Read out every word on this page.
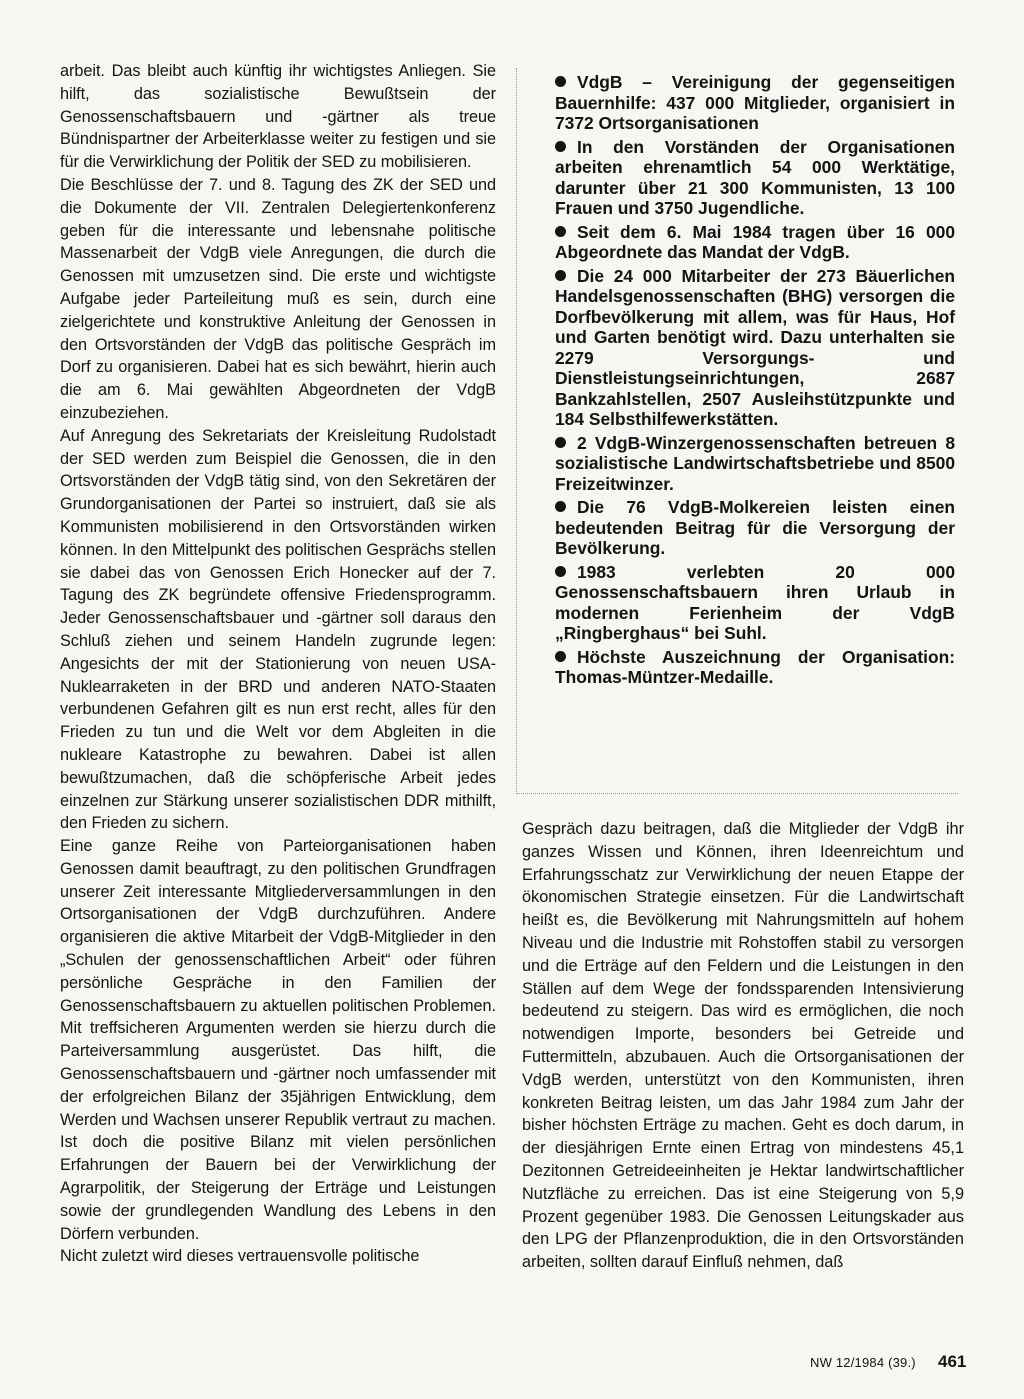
arbeit. Das bleibt auch künftig ihr wichtigstes Anliegen. Sie hilft, das sozialistische Bewußtsein der Genossenschaftsbauern und -gärtner als treue Bündnispartner der Arbeiterklasse weiter zu festigen und sie für die Verwirklichung der Politik der SED zu mobilisieren.

Die Beschlüsse der 7. und 8. Tagung des ZK der SED und die Dokumente der VII. Zentralen Delegiertenkonferenz geben für die interessante und lebensnahe politische Massenarbeit der VdgB viele Anregungen, die durch die Genossen mit umzusetzen sind. Die erste und wichtigste Aufgabe jeder Parteileitung muß es sein, durch eine zielgerichtete und konstruktive Anleitung der Genossen in den Ortsvorständen der VdgB das politische Gespräch im Dorf zu organisieren. Dabei hat es sich bewährt, hierin auch die am 6. Mai gewählten Abgeordneten der VdgB einzubeziehen.

Auf Anregung des Sekretariats der Kreisleitung Rudolstadt der SED werden zum Beispiel die Genossen, die in den Ortsvorständen der VdgB tätig sind, von den Sekretären der Grundorganisationen der Partei so instruiert, daß sie als Kommunisten mobilisierend in den Ortsvorständen wirken können. In den Mittelpunkt des politischen Gesprächs stellen sie dabei das von Genossen Erich Honecker auf der 7. Tagung des ZK begründete offensive Friedensprogramm. Jeder Genossenschaftsbauer und -gärtner soll daraus den Schluß ziehen und seinem Handeln zugrunde legen: Angesichts der mit der Stationierung von neuen USA-Nuklearraketen in der BRD und anderen NATO-Staaten verbundenen Gefahren gilt es nun erst recht, alles für den Frieden zu tun und die Welt vor dem Abgleiten in die nukleare Katastrophe zu bewahren. Dabei ist allen bewußtzumachen, daß die schöpferische Arbeit jedes einzelnen zur Stärkung unserer sozialistischen DDR mithilft, den Frieden zu sichern.

Eine ganze Reihe von Parteiorganisationen haben Genossen damit beauftragt, zu den politischen Grundfragen unserer Zeit interessante Mitgliederversammlungen in den Ortsorganisationen der VdgB durchzuführen. Andere organisieren die aktive Mitarbeit der VdgB-Mitglieder in den „Schulen der genossenschaftlichen Arbeit“ oder führen persönliche Gespräche in den Familien der Genossenschaftsbauern zu aktuellen politischen Problemen. Mit treffsicheren Argumenten werden sie hierzu durch die Parteiversammlung ausgerüstet. Das hilft, die Genossenschaftsbauern und -gärtner noch umfassender mit der erfolgreichen Bilanz der 35jährigen Entwicklung, dem Werden und Wachsen unserer Republik vertraut zu machen. Ist doch die positive Bilanz mit vielen persönlichen Erfahrungen der Bauern bei der Verwirklichung der Agrarpolitik, der Steigerung der Erträge und Leistungen sowie der grundlegenden Wandlung des Lebens in den Dörfern verbunden.

Nicht zuletzt wird dieses vertrauensvolle politische

VdgB – Vereinigung der gegenseitigen Bauernhilfe: 437 000 Mitglieder, organisiert in 7372 Ortsorganisationen

In den Vorständen der Organisationen arbeiten ehrenamtlich 54 000 Werktätige, darunter über 21 300 Kommunisten, 13 100 Frauen und 3750 Jugendliche.

Seit dem 6. Mai 1984 tragen über 16 000 Abgeordnete das Mandat der VdgB.

Die 24 000 Mitarbeiter der 273 Bäuerlichen Handelsgenossenschaften (BHG) versorgen die Dorfbevölkerung mit allem, was für Haus, Hof und Garten benötigt wird. Dazu unterhalten sie 2279 Versorgungs- und Dienstleistungseinrichtungen, 2687 Bankzahlstellen, 2507 Ausleihstützpunkte und 184 Selbsthilfewerkstätten.

2 VdgB-Winzergenossenschaften betreuen 8 sozialistische Landwirtschaftsbetriebe und 8500 Freizeitwinzer.

Die 76 VdgB-Molkereien leisten einen bedeutenden Beitrag für die Versorgung der Bevölkerung.

1983 verlebten 20 000 Genossenschaftsbauern ihren Urlaub in modernen Ferienheim der VdgB „Ringberghaus“ bei Suhl.

Höchste Auszeichnung der Organisation: Thomas-Müntzer-Medaille.

Gespräch dazu beitragen, daß die Mitglieder der VdgB ihr ganzes Wissen und Können, ihren Ideenreichtum und Erfahrungsschatz zur Verwirklichung der neuen Etappe der ökonomischen Strategie einsetzen. Für die Landwirtschaft heißt es, die Bevölkerung mit Nahrungsmitteln auf hohem Niveau und die Industrie mit Rohstoffen stabil zu versorgen und die Erträge auf den Feldern und die Leistungen in den Ställen auf dem Wege der fondssparenden Intensivierung bedeutend zu steigern. Das wird es ermöglichen, die noch notwendigen Importe, besonders bei Getreide und Futtermitteln, abzubauen. Auch die Ortsorganisationen der VdgB werden, unterstützt von den Kommunisten, ihren konkreten Beitrag leisten, um das Jahr 1984 zum Jahr der bisher höchsten Erträge zu machen. Geht es doch darum, in der diesjährigen Ernte einen Ertrag von mindestens 45,1 Dezitonnen Getreideeinheiten je Hektar landwirtschaftlicher Nutzfläche zu erreichen. Das ist eine Steigerung von 5,9 Prozent gegenüber 1983. Die Genossen Leitungskader aus den LPG der Pflanzenproduktion, die in den Ortsvorständen arbeiten, sollten darauf Einfluß nehmen, daß

NW 12/1984 (39.) 461
